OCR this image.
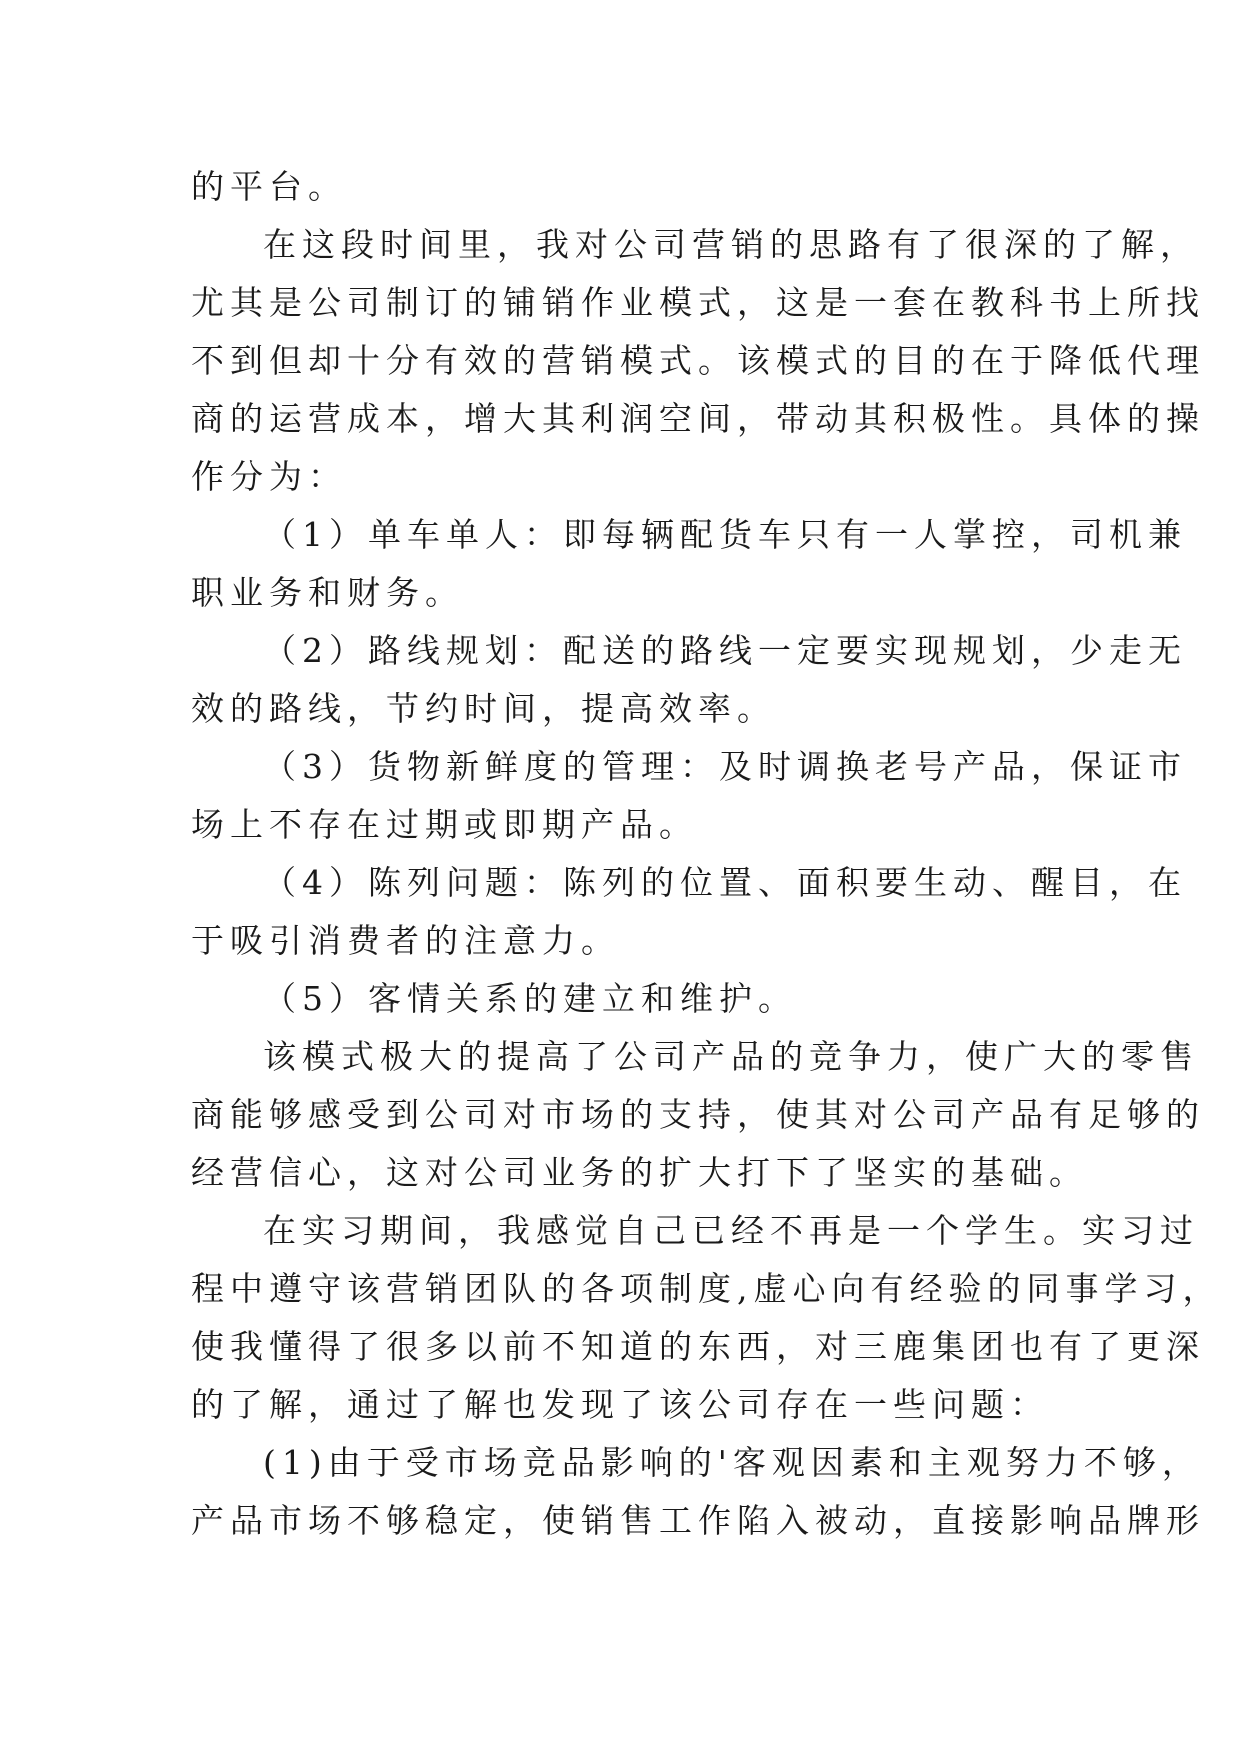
的平台。
在这段时间里，我对公司营销的思路有了很深的了解，
尤其是公司制订的铺销作业模式，这是一套在教科书上所找
不到但却十分有效的营销模式。该模式的目的在于降低代理
商的运营成本，增大其利润空间，带动其积极性。具体的操
作分为：
（1）单车单人：即每辆配货车只有一人掌控，司机兼
职业务和财务。
（2）路线规划：配送的路线一定要实现规划，少走无
效的路线，节约时间，提高效率。
（3）货物新鲜度的管理：及时调换老号产品，保证市
场上不存在过期或即期产品。
（4）陈列问题：陈列的位置、面积要生动、醒目，在
于吸引消费者的注意力。
（5）客情关系的建立和维护。
该模式极大的提高了公司产品的竞争力，使广大的零售
商能够感受到公司对市场的支持，使其对公司产品有足够的
经营信心，这对公司业务的扩大打下了坚实的基础。
在实习期间，我感觉自己已经不再是一个学生。实习过
程中遵守该营销团队的各项制度,虚心向有经验的同事学习，
使我懂得了很多以前不知道的东西，对三鹿集团也有了更深
的了解，通过了解也发现了该公司存在一些问题：
(1)由于受市场竞品影响的'客观因素和主观努力不够，
产品市场不够稳定，使销售工作陷入被动，直接影响品牌形
